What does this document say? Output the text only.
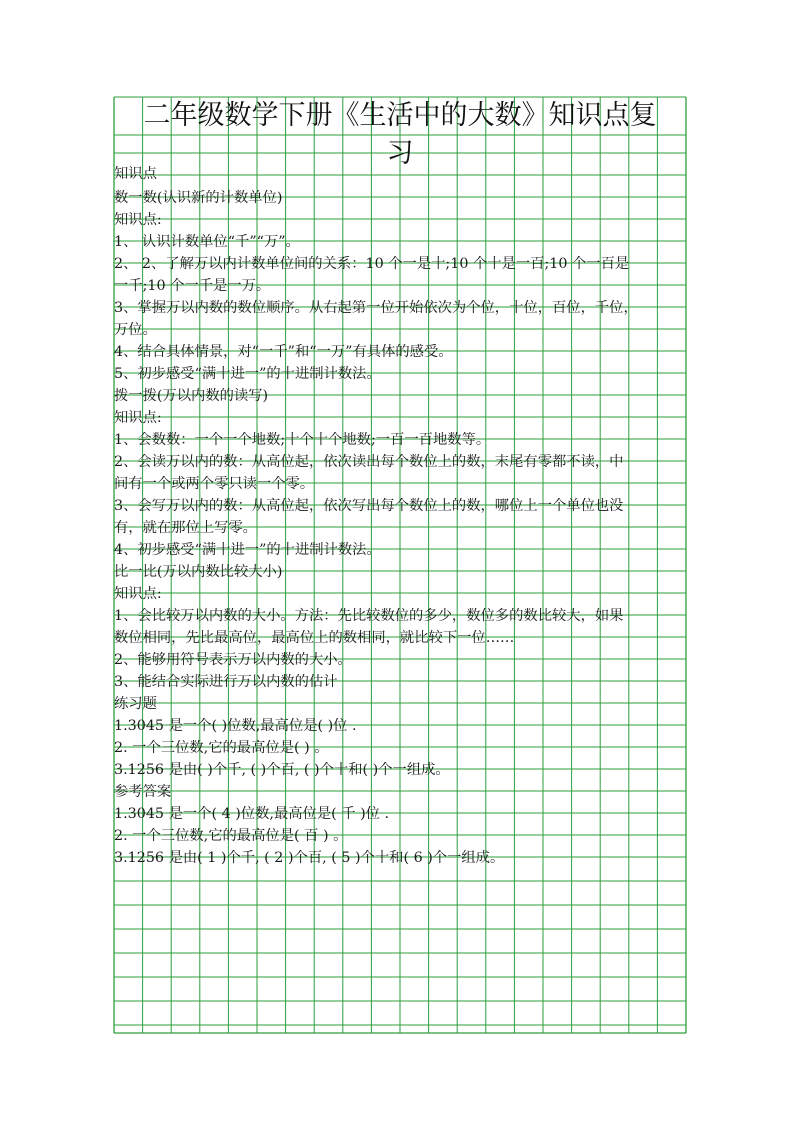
二年级数学下册《生活中的大数》知识点复
习
知识点
数一数(认识新的计数单位)
知识点:
1、 认识计数单位“千”“万”。
2、 2、了解万以内计数单位间的关系：10 个一是十;10 个十是一百;10 个一百是
一千;10 个一千是一万。
3、掌握万以内数的数位顺序。从右起第一位开始依次为个位，十位，百位，千位，
万位。
4、结合具体情景，对“一千”和“一万”有具体的感受。
5、初步感受“满十进一”的十进制计数法。
拨一拨(万以内数的读写)
知识点:
1、会数数：一个一个地数;十个十个地数;一百一百地数等。
2、会读万以内的数：从高位起，依次读出每个数位上的数，末尾有零都不读，中
间有一个或两个零只读一个零。
3、会写万以内的数：从高位起，依次写出每个数位上的数，哪位上一个单位也没
有，就在那位上写零。
4、初步感受“满十进一”的十进制计数法。
比一比(万以内数比较大小)
知识点:
1、会比较万以内数的大小。方法：先比较数位的多少，数位多的数比较大，如果
数位相同，先比最高位，最高位上的数相同，就比较下一位……
2、能够用符号表示万以内数的大小。
3、能结合实际进行万以内数的估计
练习题
1.3045 是一个( )位数,最高位是( )位 .
2. 一个三位数,它的最高位是( ) 。
3.1256 是由( )个千, ( )个百, ( )个十和( )个一组成。
参考答案
1.3045 是一个( 4 )位数,最高位是( 千 )位 .
2. 一个三位数,它的最高位是( 百 ) 。
3.1256 是由( 1 )个千, ( 2 )个百, ( 5 )个十和( 6 )个一组成。
